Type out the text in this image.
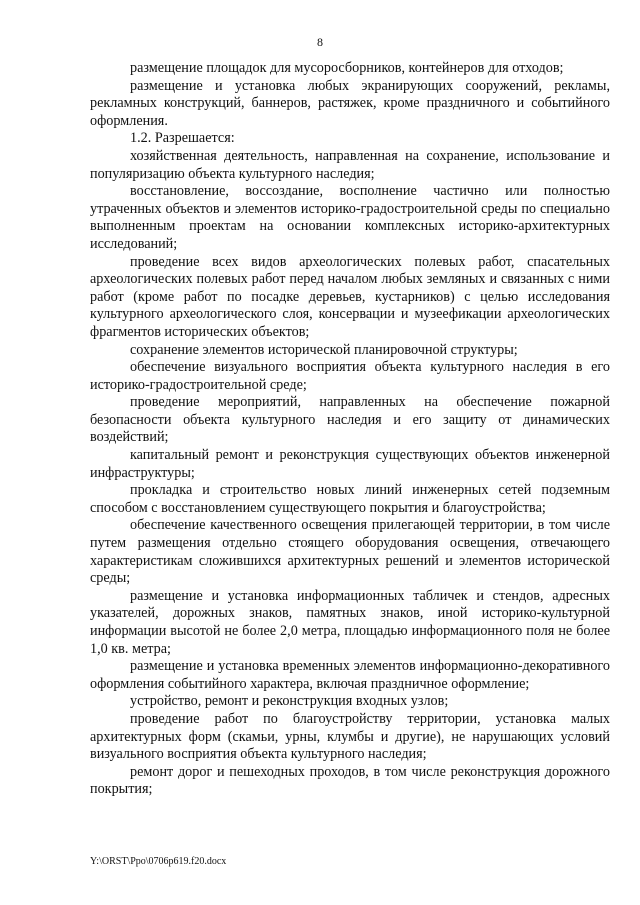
8

размещение площадок для мусоросборников, контейнеров для отходов;

размещение и установка любых экранирующих сооружений, рекламы, рекламных конструкций, баннеров, растяжек, кроме праздничного и событийного оформления.

1.2. Разрешается:

хозяйственная деятельность, направленная на сохранение, использование и популяризацию объекта культурного наследия;

восстановление, воссоздание, восполнение частично или полностью утраченных объектов и элементов историко-градостроительной среды по специально выполненным проектам на основании комплексных историко-архитектурных исследований;

проведение всех видов археологических полевых работ, спасательных археологических полевых работ перед началом любых земляных и связанных с ними работ (кроме работ по посадке деревьев, кустарников) с целью исследования культурного археологического слоя, консервации и музеефикации археологических фрагментов исторических объектов;

сохранение элементов исторической планировочной структуры;

обеспечение визуального восприятия объекта культурного наследия в его историко-градостроительной среде;

проведение мероприятий, направленных на обеспечение пожарной безопасности объекта культурного наследия и его защиту от динамических воздействий;

капитальный ремонт и реконструкция существующих объектов инженерной инфраструктуры;

прокладка и строительство новых линий инженерных сетей подземным способом с восстановлением существующего покрытия и благоустройства;

обеспечение качественного освещения прилегающей территории, в том числе путем размещения отдельно стоящего оборудования освещения, отвечающего характеристикам сложившихся архитектурных решений и элементов исторической среды;

размещение и установка информационных табличек и стендов, адресных указателей, дорожных знаков, памятных знаков, иной историко-культурной информации высотой не более 2,0 метра, площадью информационного поля не более 1,0 кв. метра;

размещение и установка временных элементов информационно-декоративного оформления событийного характера, включая праздничное оформление;

устройство, ремонт и реконструкция входных узлов;

проведение работ по благоустройству территории, установка малых архитектурных форм (скамьи, урны, клумбы и другие), не нарушающих условий визуального восприятия объекта культурного наследия;

ремонт дорог и пешеходных проходов, в том числе реконструкция дорожного покрытия;

Y:\ORST\Ppo\0706p619.f20.docx
